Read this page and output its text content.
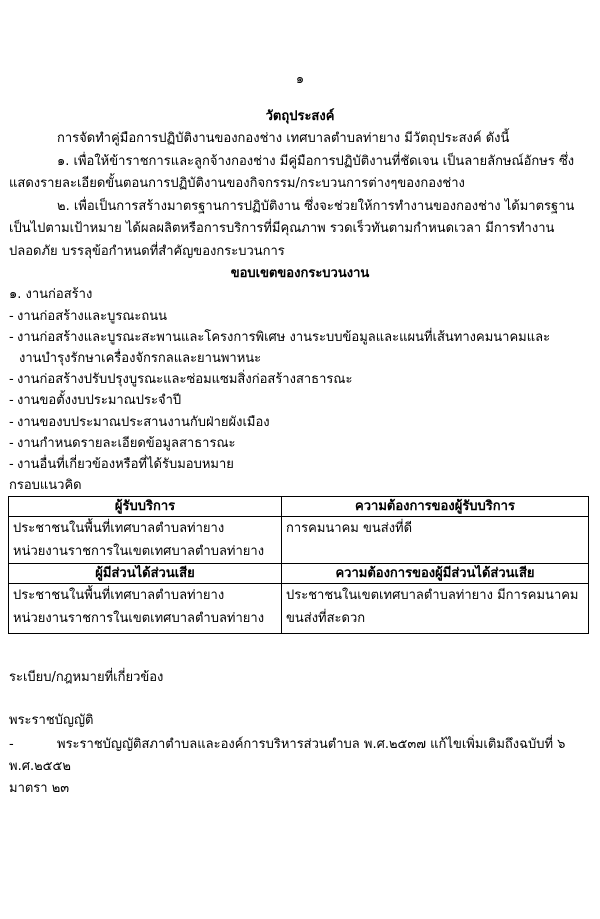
๑
วัตถุประสงค์

การจัดทำคู่มือการปฏิบัติงานของกองช่าง เทศบาลตำบลท่ายาง มีวัตถุประสงค์ ดังนี้

๑. เพื่อให้ข้าราชการและลูกจ้างกองช่าง มีคู่มือการปฏิบัติงานที่ชัดเจน เป็นลายลักษณ์อักษร ซึ่งแสดงรายละเอียดขั้นตอนการปฏิบัติงานของกิจกรรม/กระบวนการต่างๆของกองช่าง

๒. เพื่อเป็นการสร้างมาตรฐานการปฏิบัติงาน ซึ่งจะช่วยให้การทำงานของกองช่าง ได้มาตรฐานเป็นไปตามเป้าหมาย ได้ผลผลิตหรือการบริการที่มีคุณภาพ รวดเร็วทันตามกำหนดเวลา มีการทำงานปลอดภัย บรรลุข้อกำหนดที่สำคัญของกระบวนการ

ขอบเขตของกระบวนงาน
๑. งานก่อสร้าง
- งานก่อสร้างและบูรณะถนน
- งานก่อสร้างและบูรณะสะพานและโครงการพิเศษ งานระบบข้อมูลและแผนที่เส้นทางคมนาคมและ
งานบำรุงรักษาเครื่องจักรกลและยานพาหนะ
- งานก่อสร้างปรับปรุงบูรณะและซ่อมแซมสิ่งก่อสร้างสาธารณะ
- งานขอตั้งงบประมาณประจำปี
- งานของบประมาณประสานงานกับฝ่ายผังเมือง
- งานกำหนดรายละเอียดข้อมูลสาธารณะ
- งานอื่นที่เกี่ยวข้องหรือที่ได้รับมอบหมาย
กรอบแนวคิด
ผู้รับบริการ	ความต้องการของผู้รับบริการ

ประชาชนในพื้นที่เทศบาลตำบลท่ายาง
หน่วยงานราชการในเขตเทศบาลตำบลท่ายาง	การคมนาคม ขนส่งที่ดี

ผู้มีส่วนได้ส่วนเสีย	ความต้องการของผู้มีส่วนได้ส่วนเสีย

ประชาชนในพื้นที่เทศบาลตำบลท่ายาง
หน่วยงานราชการในเขตเทศบาลตำบลท่ายาง	ประชาชนในเขตเทศบาลตำบลท่ายาง มีการคมนาคม
ขนส่งที่สะดวก
ระเบียบ/กฎหมายที่เกี่ยวข้อง
พระราชบัญญัติ
-	พระราชบัญญัติสภาตำบลและองค์การบริหารส่วนตำบล พ.ศ.๒๕๓๗ แก้ไขเพิ่มเติมถึงฉบับที่ ๖ พ.ศ.๒๕๕๒
มาตรา ๒๓
